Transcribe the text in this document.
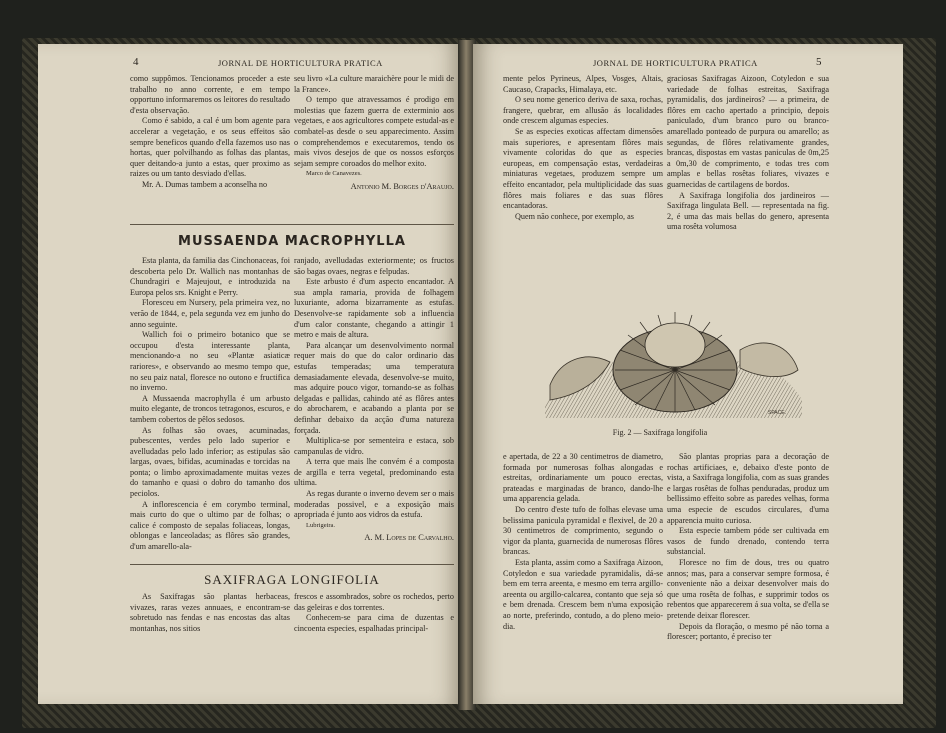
4	JORNAL DE HORTICULTURA PRATICA

como suppômos. Tencionamos proceder a este trabalho no anno corrente, e em tempo opportuno informaremos os leitores do resultado d'esta observação.

Como é sabido, a cal é um bom agente para accelerar a vegetação, e os seus effeitos são sempre beneficos quando d'ella fazemos uso nas hortas, quer polvilhando as folhas das plantas, quer deitando-a junto a estas, quer proximo as raizes ou um tanto desviado d'ellas.

Mr. A. Dumas tambem a aconselha no

seu livro «La culture maraichère pour le midi de la France».

O tempo que atravessamos é prodigo em molestias que fazem guerra de exterminio aos vegetaes, e aos agricultores compete estudal-as e combatel-as desde o seu apparecimento. Assim o comprehendemos e executaremos, tendo os mais vivos desejos de que os nossos esforços sejam sempre coroados do melhor exito.

Marco de Canavezes.

Antonio M. Borges d'Araujo.
MUSSAENDA MACROPHYLLA

Esta planta, da familia das Cinchonaceas, foi descoberta pelo Dr. Wallich nas montanhas de Chundragiri e Majeujout, e introduzida na Europa pelos srs. Knight e Perry.

Floresceu em Nursery, pela primeira vez, no verão de 1844, e, pela segunda vez em junho do anno seguinte.

Wallich foi o primeiro botanico que se occupou d'esta interessante planta, mencionando-a no seu «Plantæ asiaticæ rariores», e observando ao mesmo tempo que, no seu paiz natal, floresce no outono e fructifica no inverno.

A Mussaenda macrophylla é um arbusto muito elegante, de troncos tetragonos, escuros, e tambem cobertos de pêlos sedosos.

As folhas são ovaes, acuminadas, pubescentes, verdes pelo lado superior e avelludadas pelo lado inferior; as estipulas são largas, ovaes, bifidas, acuminadas e torcidas na ponta; o limbo aproximadamente muitas vezes do tamanho e quasi o dobro do tamanho dos peciolos.

A inflorescencia é em corymbo terminal, mais curto do que o ultimo par de folhas; o calice é composto de sepalas foliaceas, longas, oblongas e lanceoladas; as flôres são grandes, d'um amarello-ala-

ranjado, avelludadas exteriormente; os fructos são bagas ovaes, negras e felpudas.

Este arbusto é d'um aspecto encantador. A sua ampla ramaria, provida de folhagem luxuriante, adorna bizarramente as estufas. Desenvolve-se rapidamente sob a influencia d'um calor constante, chegando a attingir 1 metro e mais de altura.

Para alcançar um desenvolvimento normal requer mais do que do calor ordinario das estufas temperadas; uma temperatura demasiadamente elevada, desenvolve-se muito, mas adquire pouco vigor, tornando-se as folhas delgadas e pallidas, cahindo até as flôres antes do abrocharem, e acabando a planta por se definhar debaixo da acção d'uma natureza forçada.

Multiplica-se por sementeira e estaca, sob campanulas de vidro.

A terra que mais lhe convém é a composta de argilla e terra vegetal, predominando esta ultima.

As regas durante o inverno devem ser o mais moderadas possivel, e a exposição mais apropriada é junto aos vidros da estufa.

Lubrigeira.

A. M. Lopes de Carvalho.
SAXIFRAGA LONGIFOLIA

As Saxifragas são plantas herbaceas, vivazes, raras vezes annuaes, e encontram-se sobretudo nas fendas e nas encostas das altas montanhas, nos sitios

frescos e assombrados, sobre os rochedos, perto das geleiras e dos torrentes.

Conhecem-se para cima de duzentas e cincoenta especies, espalhadas principal-

JORNAL DE HORTICULTURA PRATICA	5

mente pelos Pyrineus, Alpes, Vosges, Altais, Caucaso, Crapacks, Himalaya, etc.

O seu nome generico deriva de saxa, rochas, frangere, quebrar, em allusão ás localidades onde crescem algumas especies.

Se as especies exoticas affectam dimensões mais superiores, e apresentam flôres mais vivamente coloridas do que as especies europeas, em compensação estas, verdadeiras miniaturas vegetaes, produzem sempre um effeito encantador, pela multiplicidade das suas flôres mais foliares e das suas flôres encantadoras.

Quem não conhece, por exemplo, as

graciosas Saxifragas Aizoon, Cotyledon e sua variedade de folhas estreitas, Saxifraga pyramidalis, dos jardineiros? — a primeira, de flôres em cacho apertado a principio, depois paniculado, d'um branco puro ou branco-amarellado ponteado de purpura ou amarello; as segundas, de flôres relativamente grandes, brancas, dispostas em vastas paniculas de 0m,25 a 0m,30 de comprimento, e todas tres com amplas e bellas rosêtas foliares, vivazes e guarnecidas de cartilagens de bordos.

A Saxifraga longifolia dos jardineiros — Saxifraga lingulata Bell. — representada na fig. 2, é uma das mais bellas do genero, apresenta uma rosêta volumosa

e apertada, de 22 a 30 centimetros de diametro, formada por numerosas folhas alongadas e estreitas, ordinariamente um pouco erectas, prateadas e marginadas de branco, dando-lhe uma apparencia gelada.

Do centro d'este tufo de folhas elevase uma belissima panicula pyramidal e flexivel, de 20 a 30 centimetros de comprimento, segundo o vigor da planta, guarnecida de numerosas flôres brancas.

Esta planta, assim como a Saxifraga Aizoon, Cotyledon e sua variedade pyramidalis, dá-se bem em terra areenta, e mesmo em terra argillo-areenta ou argillo-calcarea, contanto que seja só e bem drenada. Crescem bem n'uma exposição ao norte, preferindo, contudo, a do pleno meio-dia.

São plantas proprias para a decoração de rochas artificiaes, e, debaixo d'este ponto de vista, a Saxifraga longifolia, com as suas grandes e largas rosêtas de folhas penduradas, produz um bellissimo effeito sobre as paredes velhas, forma uma especie de escudos circulares, d'uma apparencia muito curiosa.

Esta especie tambem póde ser cultivada em vasos de fundo drenado, contendo terra substancial.

Floresce no fim de dous, tres ou quatro annos; mas, para a conservar sempre formosa, é conveniente não a deixar desenvolver mais do que uma rosêta de folhas, e supprimir todos os rebentos que apparecerem á sua volta, se d'ella se pretende deixar florescer.

Depois da floração, o mesmo pé não torna a florescer; portanto, é preciso ter

SPACE.
Fig. 2 — Saxifraga longifolia
